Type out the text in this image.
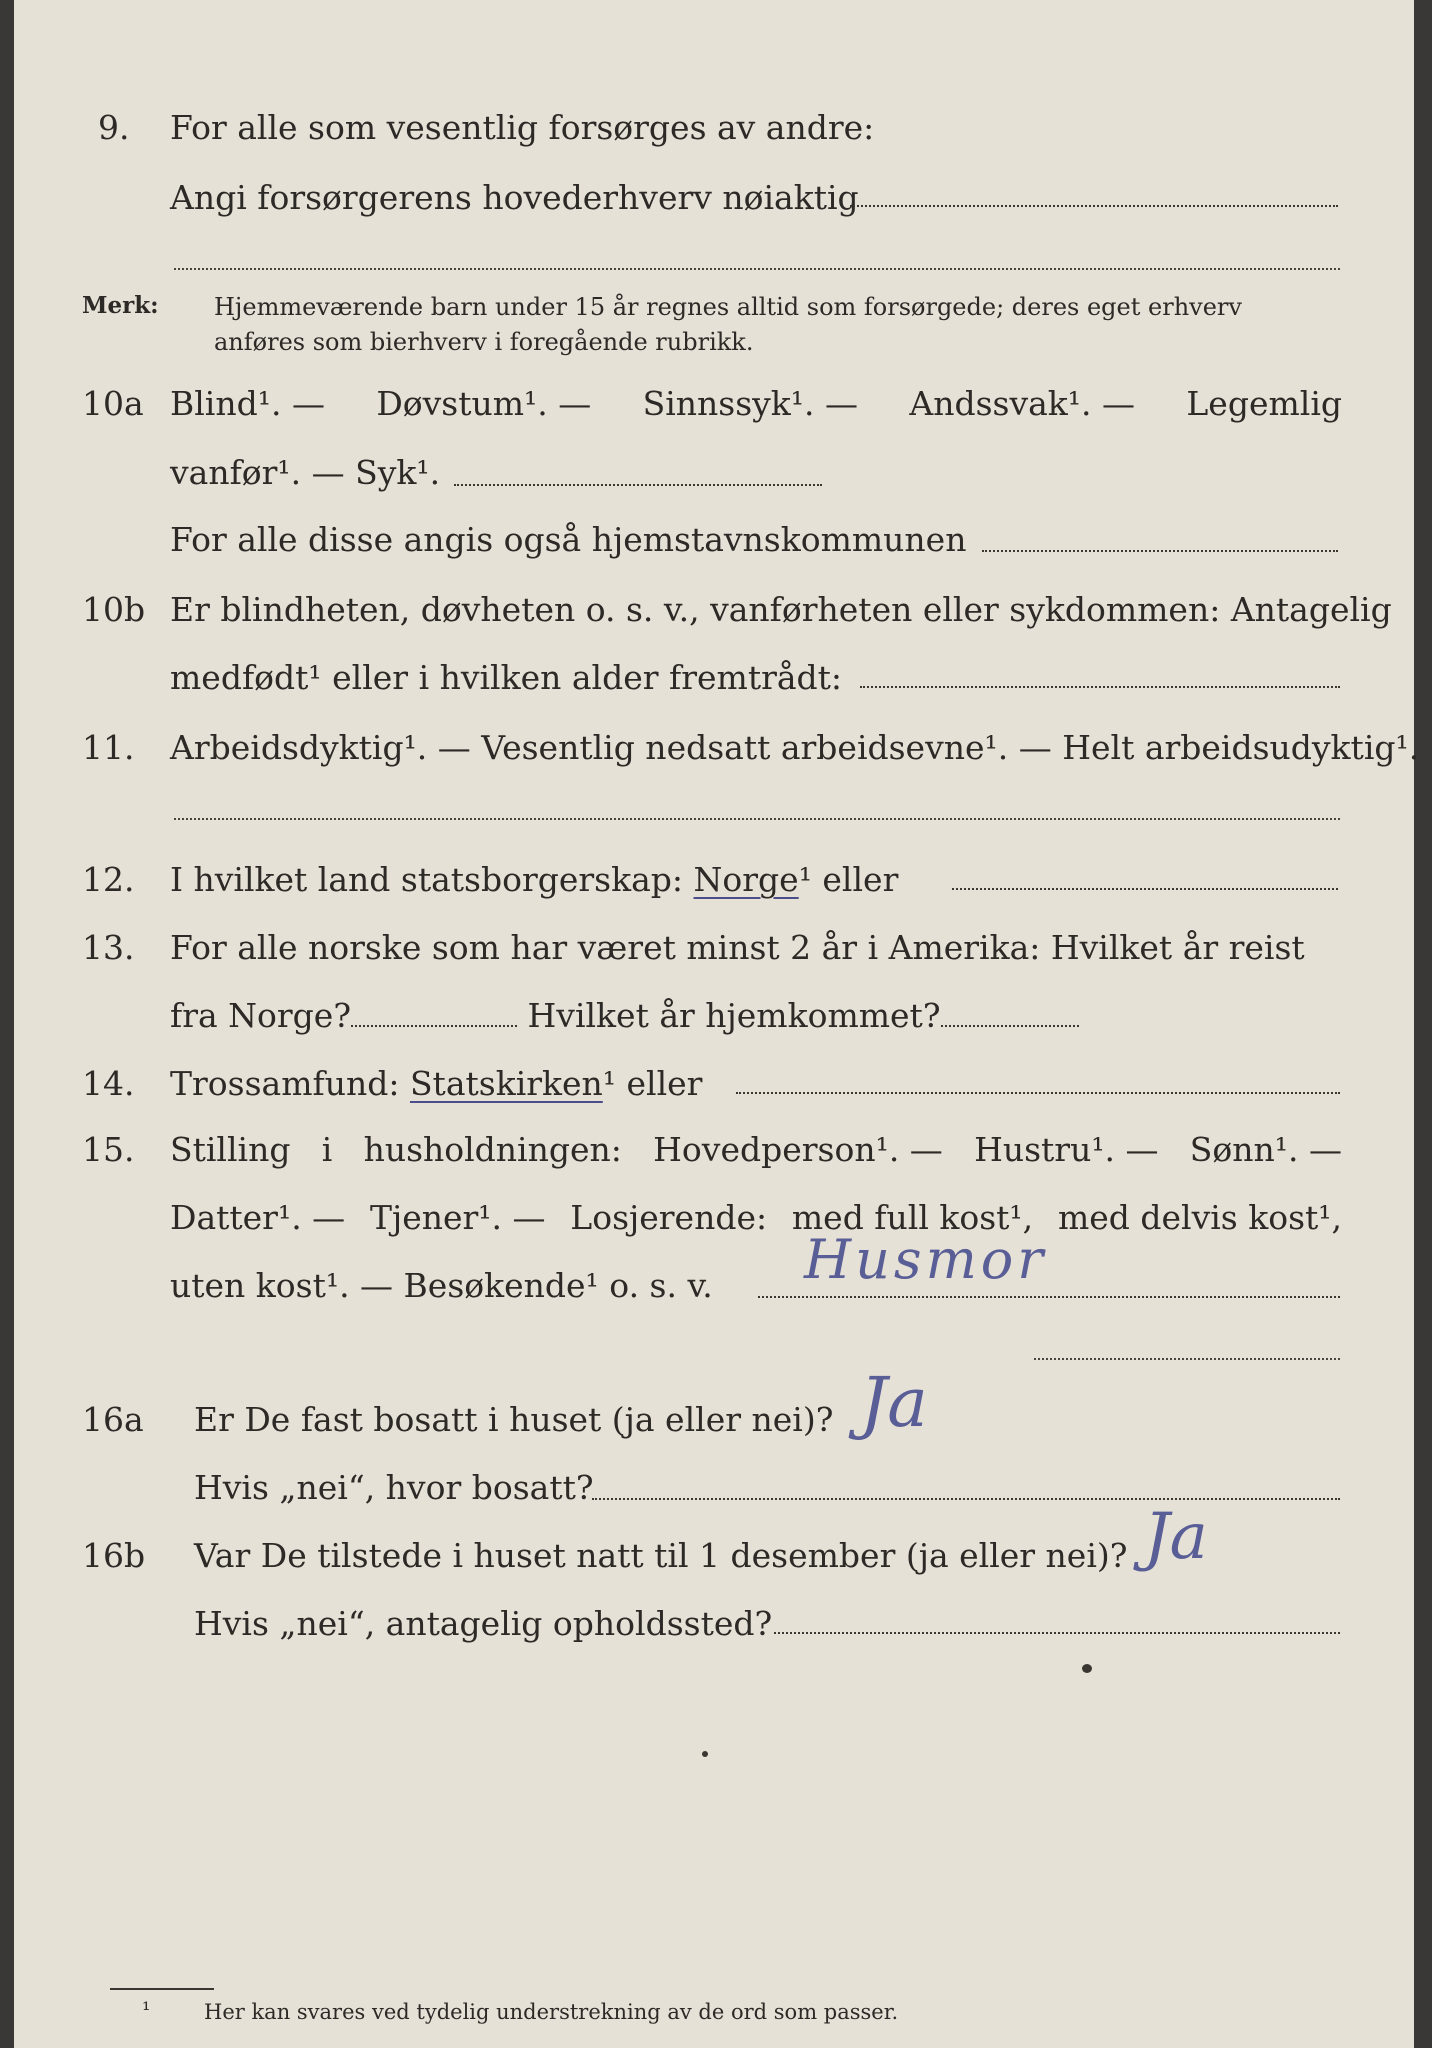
9. For alle som vesentlig forsørges av andre:
Angi forsørgerens hovederhverv nøiaktig
Merk: Hjemmeværende barn under 15 år regnes alltid som forsørgede; deres eget erhverv
anføres som bierhverv i foregående rubrikk.
10a Blind¹. — Døvstum¹. — Sinnssyk¹. — Andssvak¹. — Legemlig
vanfør¹. — Syk¹.
For alle disse angis også hjemstavnskommunen
10b Er blindheten, døvheten o. s. v., vanførheten eller sykdommen: Antagelig
medfødt¹ eller i hvilken alder fremtrådt:
11. Arbeidsdyktig¹. — Vesentlig nedsatt arbeidsevne¹. — Helt arbeidsudyktig¹.
12. I hvilket land statsborgerskap: Norge¹ eller
13. For alle norske som har været minst 2 år i Amerika: Hvilket år reist
fra Norge?	Hvilket år hjemkommet?
14. Trossamfund: Statskirken¹ eller
15. Stilling i husholdningen: Hovedperson¹. — Hustru¹. — Sønn¹. —
Datter¹. — Tjener¹. — Losjerende: med full kost¹, med delvis kost¹,
uten kost¹. — Besøkende¹ o. s. v. Husmor
16a Er De fast bosatt i huset (ja eller nei)? Ja
Hvis „nei“, hvor bosatt?
16b Var De tilstede i huset natt til 1 desember (ja eller nei)? Ja
Hvis „nei“, antagelig opholdssted?
¹	Her kan svares ved tydelig understrekning av de ord som passer.
